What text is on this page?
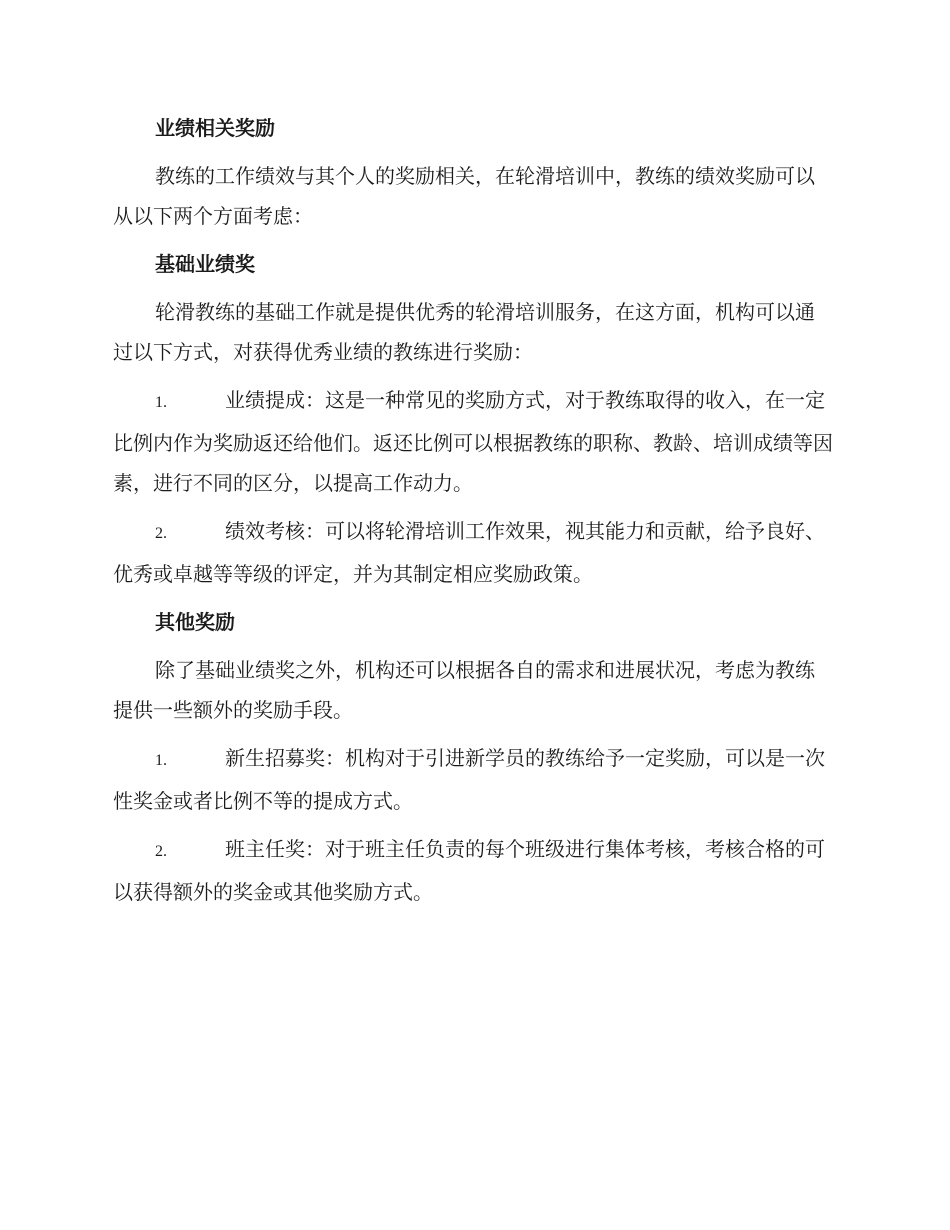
业绩相关奖励

教练的工作绩效与其个人的奖励相关，在轮滑培训中，教练的绩效奖励可以从以下两个方面考虑：

基础业绩奖

轮滑教练的基础工作就是提供优秀的轮滑培训服务，在这方面，机构可以通过以下方式，对获得优秀业绩的教练进行奖励：

1.	业绩提成：这是一种常见的奖励方式，对于教练取得的收入，在一定比例内作为奖励返还给他们。返还比例可以根据教练的职称、教龄、培训成绩等因素，进行不同的区分，以提高工作动力。

2.	绩效考核：可以将轮滑培训工作效果，视其能力和贡献，给予良好、优秀或卓越等等级的评定，并为其制定相应奖励政策。

其他奖励

除了基础业绩奖之外，机构还可以根据各自的需求和进展状况，考虑为教练提供一些额外的奖励手段。

1.	新生招募奖：机构对于引进新学员的教练给予一定奖励，可以是一次性奖金或者比例不等的提成方式。

2.	班主任奖：对于班主任负责的每个班级进行集体考核，考核合格的可以获得额外的奖金或其他奖励方式。
